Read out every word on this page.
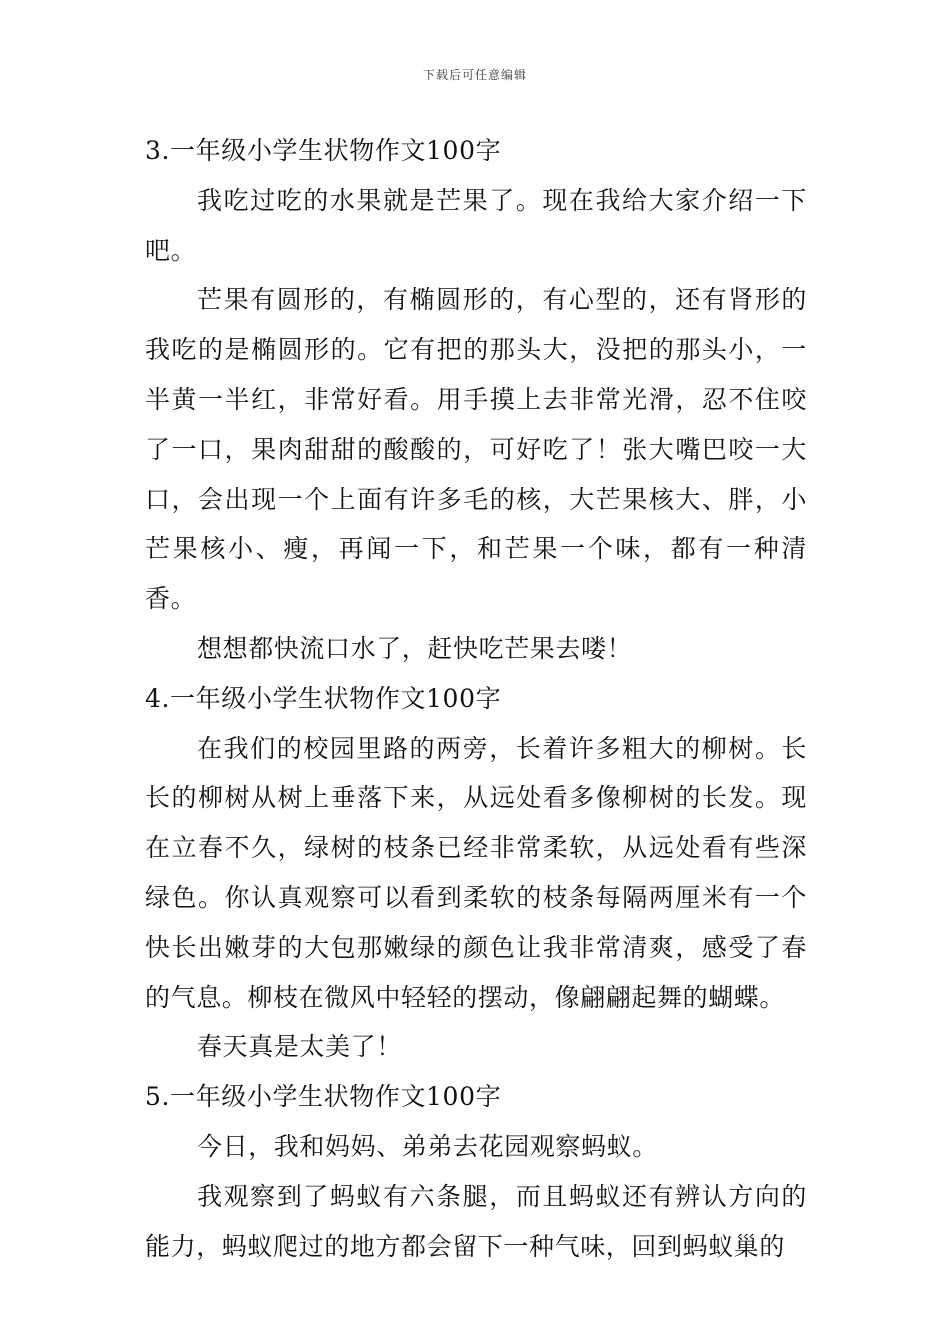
下载后可任意编辑

3.一年级小学生状物作文100字

我吃过吃的水果就是芒果了。现在我给大家介绍一下吧。

芒果有圆形的，有椭圆形的，有心型的，还有肾形的我吃的是椭圆形的。它有把的那头大，没把的那头小，一半黄一半红，非常好看。用手摸上去非常光滑，忍不住咬了一口，果肉甜甜的酸酸的，可好吃了！张大嘴巴咬一大口，会出现一个上面有许多毛的核，大芒果核大、胖，小芒果核小、瘦，再闻一下，和芒果一个味，都有一种清香。

想想都快流口水了，赶快吃芒果去喽！

4.一年级小学生状物作文100字

在我们的校园里路的两旁，长着许多粗大的柳树。长长的柳树从树上垂落下来，从远处看多像柳树的长发。现在立春不久，绿树的枝条已经非常柔软，从远处看有些深绿色。你认真观察可以看到柔软的枝条每隔两厘米有一个快长出嫩芽的大包那嫩绿的颜色让我非常清爽，感受了春的气息。柳枝在微风中轻轻的摆动，像翩翩起舞的蝴蝶。

春天真是太美了！

5.一年级小学生状物作文100字

今日，我和妈妈、弟弟去花园观察蚂蚁。

我观察到了蚂蚁有六条腿，而且蚂蚁还有辨认方向的能力，蚂蚁爬过的地方都会留下一种气味，回到蚂蚁巢的
